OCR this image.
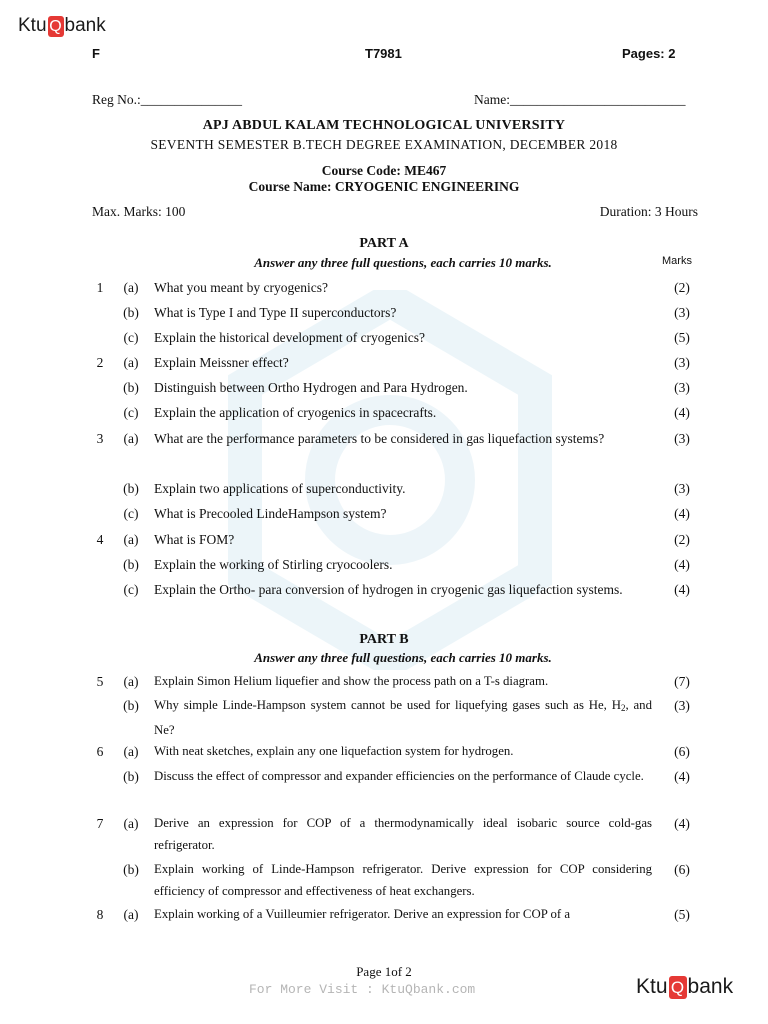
Ktu Q bank
F	T7981	Pages: 2
Reg No.:_______________	Name:__________________________
APJ ABDUL KALAM TECHNOLOGICAL UNIVERSITY
SEVENTH SEMESTER B.TECH DEGREE EXAMINATION, DECEMBER 2018
Course Code: ME467
Course Name: CRYOGENIC ENGINEERING
Max. Marks: 100	Duration: 3 Hours
PART A
Answer any three full questions, each carries 10 marks.	Marks
1	(a)	What you meant by cryogenics?	(2)
(b)	What is Type I and Type II superconductors?	(3)
(c)	Explain the historical development of cryogenics?	(5)
2	(a)	Explain Meissner effect?	(3)
(b)	Distinguish between Ortho Hydrogen and Para Hydrogen.	(3)
(c)	Explain the application of cryogenics in spacecrafts.	(4)
3	(a)	What are the performance parameters to be considered in gas liquefaction systems?	(3)
(b)	Explain two applications of superconductivity.	(3)
(c)	What is Precooled LindeHampson system?	(4)
4	(a)	What is FOM?	(2)
(b)	Explain the working of Stirling cryocoolers.	(4)
(c)	Explain the Ortho- para conversion of hydrogen in cryogenic gas liquefaction systems.	(4)
PART B
Answer any three full questions, each carries 10 marks.
5	(a)	Explain Simon Helium liquefier and show the process path on a T-s diagram.	(7)
(b)	Why simple Linde-Hampson system cannot be used for liquefying gases such as He, $H_2$, and Ne?
(3)
6	(a)	With neat sketches, explain any one liquefaction system for hydrogen.	(6)
(b)	Discuss the effect of compressor and expander efficiencies on the performance of Claude cycle.	(4)
7	(a)	Derive an expression for COP of a thermodynamically ideal isobaric source cold-gas refrigerator.
(4)
(b)	Explain working of Linde-Hampson refrigerator. Derive expression for COP considering efficiency of compressor and effectiveness of heat exchangers.
(6)
8	(a)	Explain working of a Vuilleumier refrigerator. Derive an expression for COP of a	(5)
Page 1of 2
For More Visit : KtuQbank.com	Ktu Q bank
